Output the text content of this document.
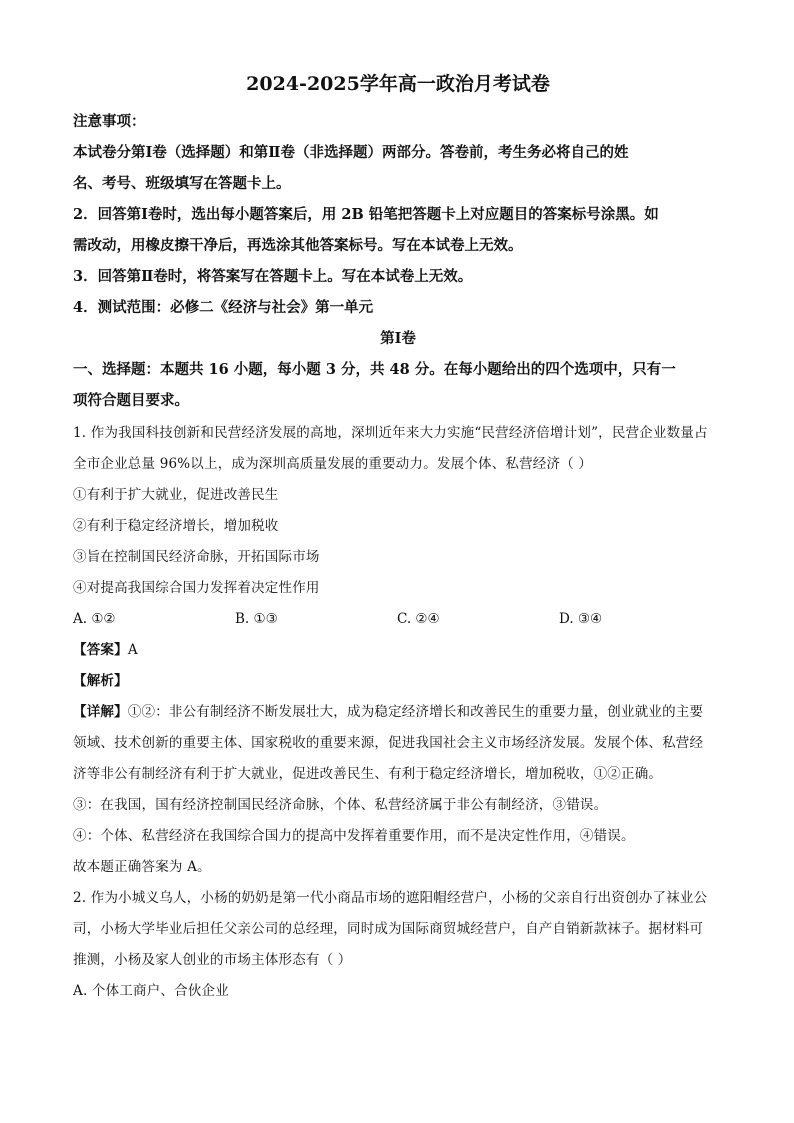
2024-2025学年高一政治月考试卷

注意事项：

本试卷分第Ⅰ卷（选择题）和第Ⅱ卷（非选择题）两部分。答卷前，考生务必将自己的姓

名、考号、班级填写在答题卡上。

2．回答第Ⅰ卷时，选出每小题答案后，用 2B 铅笔把答题卡上对应题目的答案标号涂黑。如

需改动，用橡皮擦干净后，再选涂其他答案标号。写在本试卷上无效。

3．回答第Ⅱ卷时，将答案写在答题卡上。写在本试卷上无效。

4．测试范围：必修二《经济与社会》第一单元

第Ⅰ卷

一、选择题：本题共 16 小题，每小题 3 分，共 48 分。在每小题给出的四个选项中，只有一

项符合题目要求。

1. 作为我国科技创新和民营经济发展的高地，深圳近年来大力实施“民营经济倍增计划”，民营企业数量占

全市企业总量 96%以上，成为深圳高质量发展的重要动力。发展个体、私营经济（ ）

①有利于扩大就业，促进改善民生

②有利于稳定经济增长，增加税收

③旨在控制国民经济命脉，开拓国际市场

④对提高我国综合国力发挥着决定性作用

A. ①②	B. ①③	C. ②④	D. ③④

【答案】A

【解析】

【详解】①②：非公有制经济不断发展壮大，成为稳定经济增长和改善民生的重要力量，创业就业的主要

领域、技术创新的重要主体、国家税收的重要来源，促进我国社会主义市场经济发展。发展个体、私营经

济等非公有制经济有利于扩大就业，促进改善民生、有利于稳定经济增长，增加税收，①②正确。

③：在我国，国有经济控制国民经济命脉，个体、私营经济属于非公有制经济，③错误。

④：个体、私营经济在我国综合国力的提高中发挥着重要作用，而不是决定性作用，④错误。

故本题正确答案为 A。

2. 作为小城义乌人，小杨的奶奶是第一代小商品市场的遮阳帽经营户，小杨的父亲自行出资创办了袜业公

司，小杨大学毕业后担任父亲公司的总经理，同时成为国际商贸城经营户，自产自销新款袜子。据材料可

推测，小杨及家人创业的市场主体形态有（ ）

A. 个体工商户、合伙企业
